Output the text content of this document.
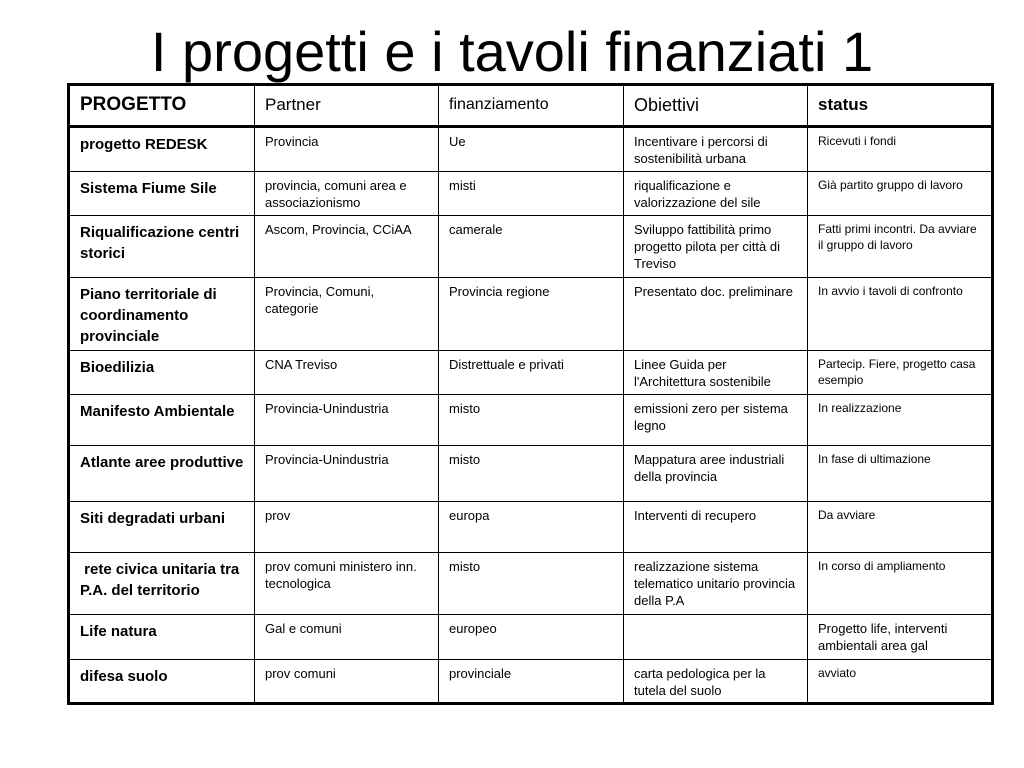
I progetti e i tavoli finanziati 1
PROGETTO	Partner	finanziamento	Obiettivi	status
progetto REDESK	Provincia	Ue	Incentivare i percorsi di sostenibilità urbana	Ricevuti i fondi
Sistema Fiume Sile	provincia, comuni area e associazionismo	misti	riqualificazione e valorizzazione del sile	Già partito gruppo di lavoro
Riqualificazione centri storici	Ascom, Provincia, CCiAA	camerale	Sviluppo fattibilità primo progetto pilota per città di Treviso	Fatti primi incontri. Da avviare il gruppo di lavoro
Piano territoriale di coordinamento provinciale	Provincia, Comuni, categorie	Provincia regione	Presentato doc. preliminare	In avvio i tavoli di confronto
Bioedilizia	CNA Treviso	Distrettuale e privati	Linee Guida per l'Architettura sostenibile	Partecip. Fiere, progetto casa esempio
Manifesto Ambientale	Provincia-Unindustria	misto	emissioni zero per sistema legno	In realizzazione
Atlante aree produttive	Provincia-Unindustria	misto	Mappatura aree industriali della provincia	In fase di ultimazione
Siti degradati urbani	prov	europa	Interventi di recupero	Da avviare
rete civica unitaria tra P.A. del territorio	prov comuni ministero inn. tecnologica	misto	realizzazione sistema telematico unitario provincia della P.A	In corso di ampliamento
Life natura	Gal e comuni	europeo		Progetto life, interventi ambientali area gal
difesa suolo	prov comuni	provinciale	carta pedologica per la tutela del suolo	avviato
